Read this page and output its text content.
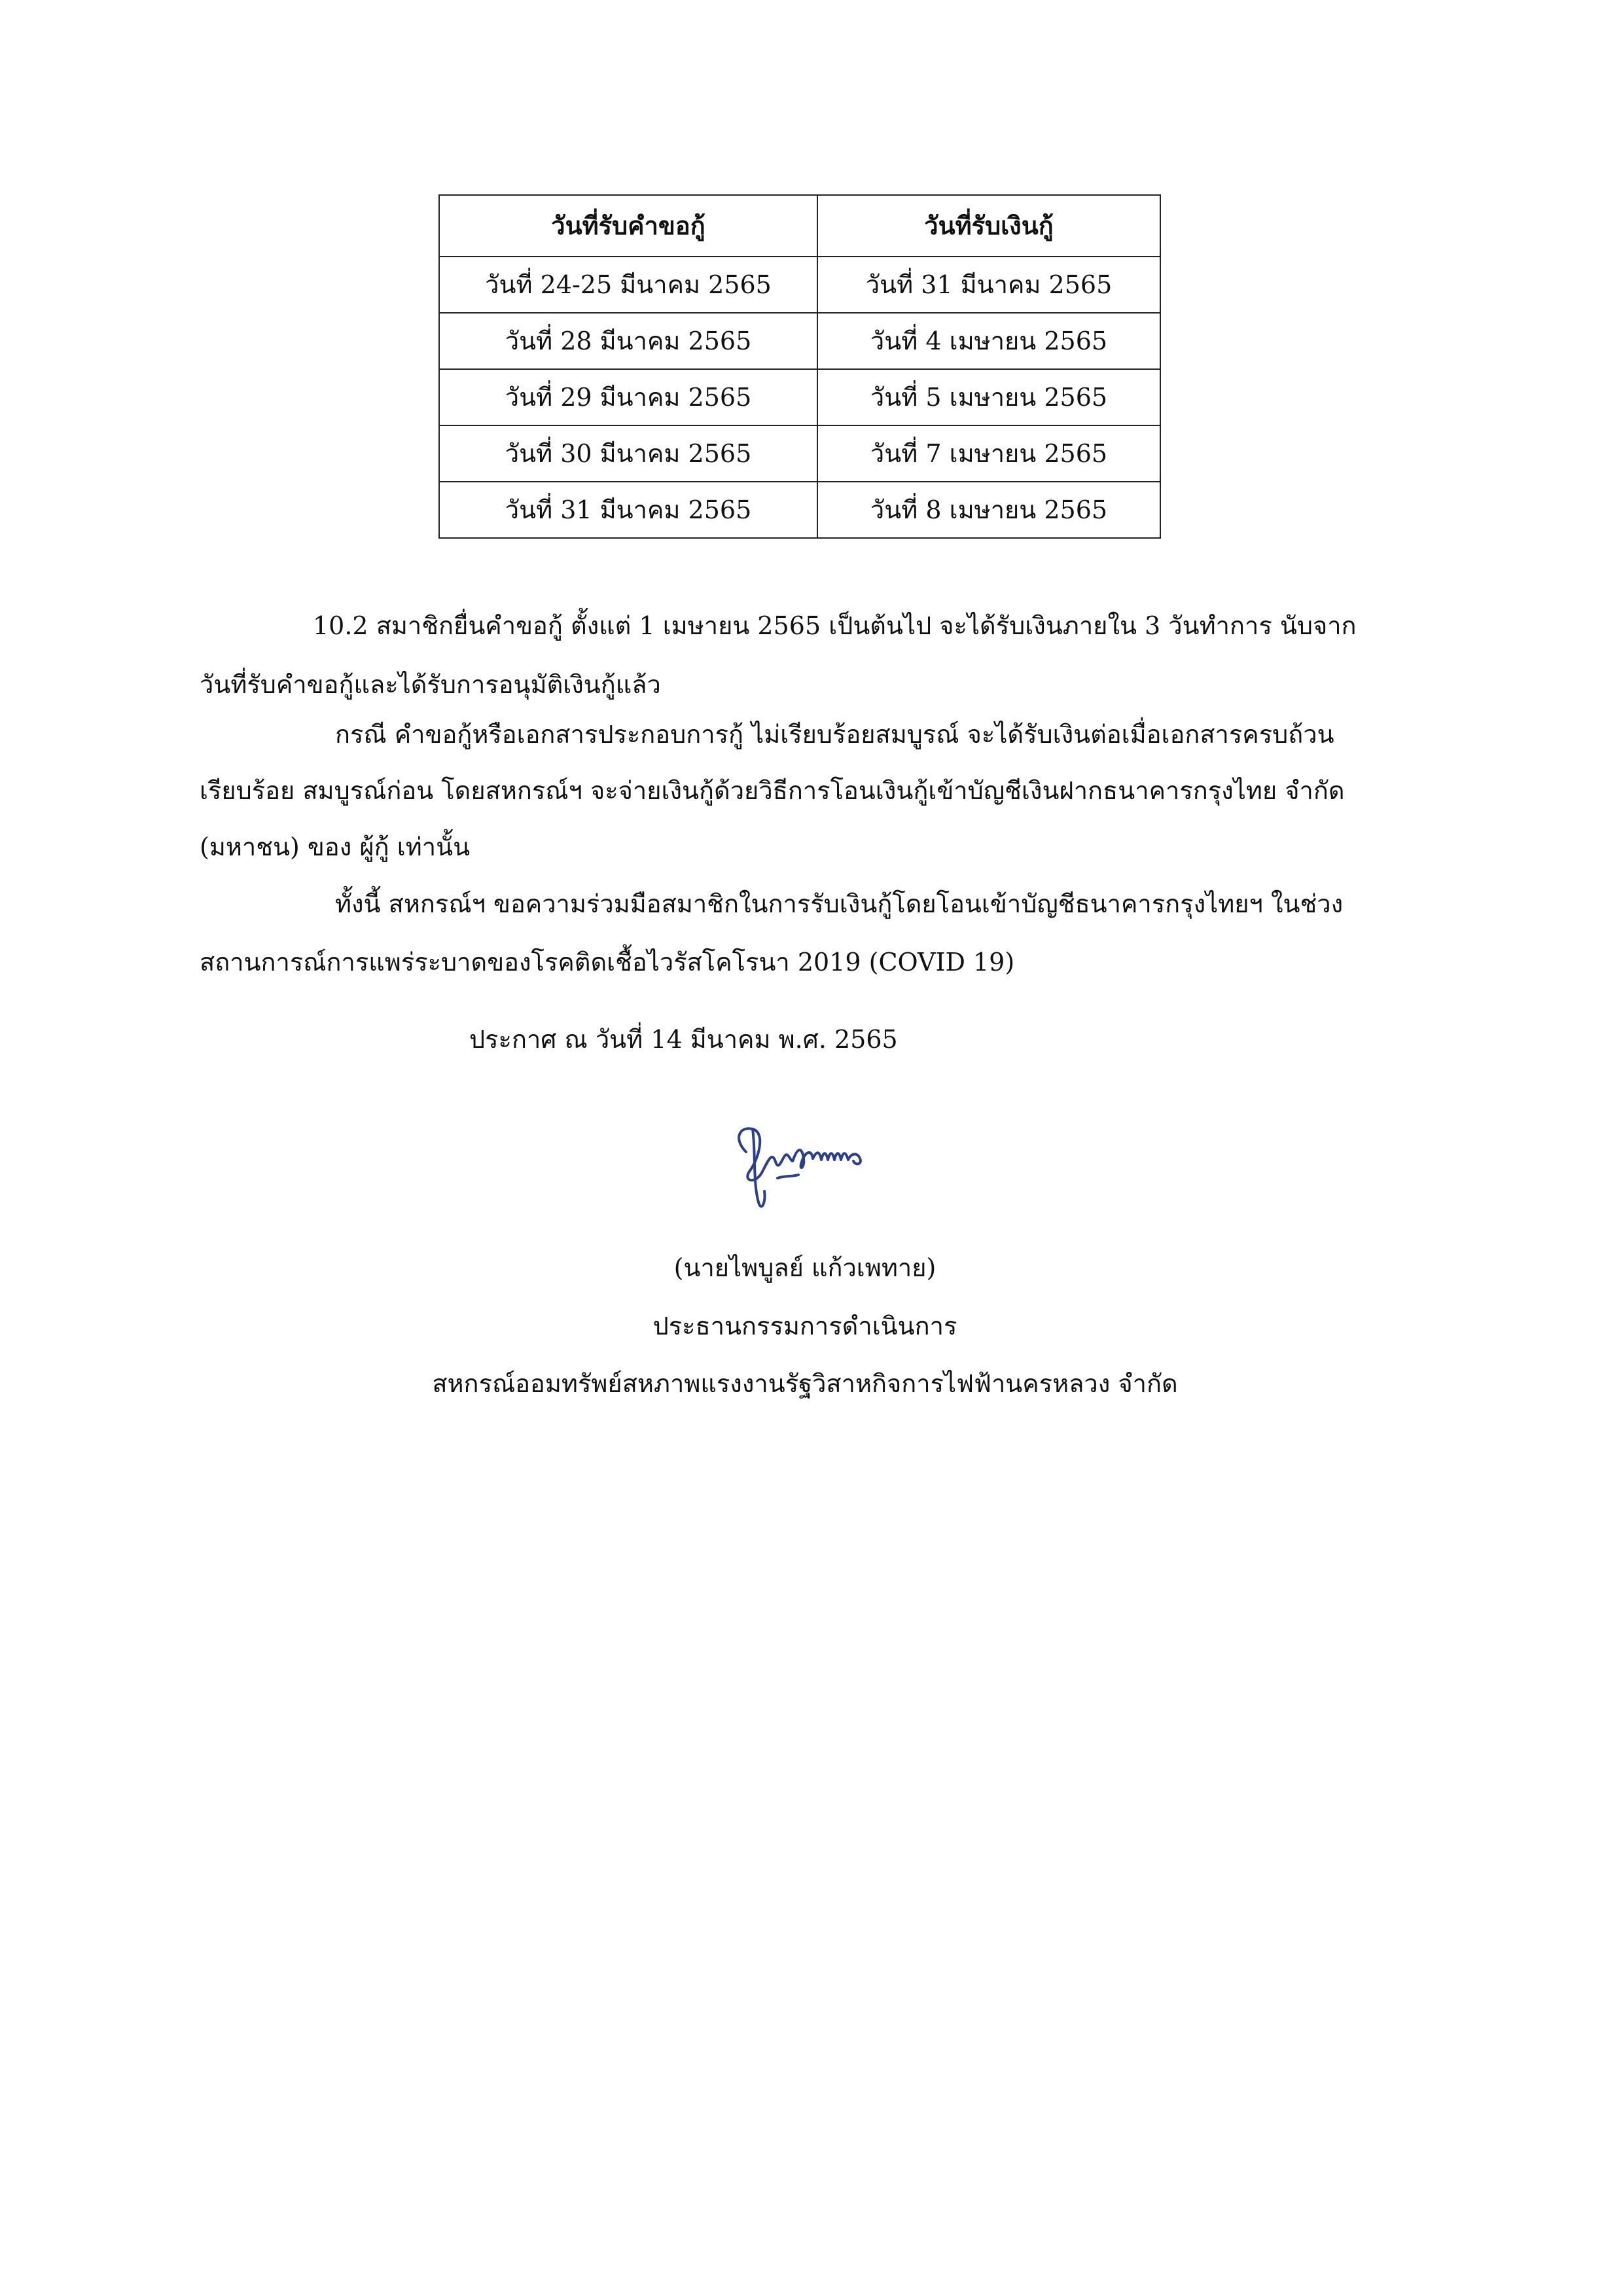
วันที่รับคำขอกู้	วันที่รับเงินกู้
วันที่ 24-25 มีนาคม 2565	วันที่ 31 มีนาคม 2565
วันที่ 28 มีนาคม 2565	วันที่ 4 เมษายน 2565
วันที่ 29 มีนาคม 2565	วันที่ 5 เมษายน 2565
วันที่ 30 มีนาคม 2565	วันที่ 7 เมษายน 2565
วันที่ 31 มีนาคม 2565	วันที่ 8 เมษายน 2565
10.2 สมาชิกยื่นคำขอกู้ ตั้งแต่ 1 เมษายน 2565 เป็นต้นไป จะได้รับเงินภายใน 3 วันทำการ นับจาก
วันที่รับคำขอกู้และได้รับการอนุมัติเงินกู้แล้ว
กรณี คำขอกู้หรือเอกสารประกอบการกู้ ไม่เรียบร้อยสมบูรณ์ จะได้รับเงินต่อเมื่อเอกสารครบถ้วน
เรียบร้อย สมบูรณ์ก่อน โดยสหกรณ์ฯ จะจ่ายเงินกู้ด้วยวิธีการโอนเงินกู้เข้าบัญชีเงินฝากธนาคารกรุงไทย จำกัด
(มหาชน) ของ ผู้กู้ เท่านั้น
ทั้งนี้ สหกรณ์ฯ ขอความร่วมมือสมาชิกในการรับเงินกู้โดยโอนเข้าบัญชีธนาคารกรุงไทยฯ ในช่วง
สถานการณ์การแพร่ระบาดของโรคติดเชื้อไวรัสโคโรนา 2019 (COVID 19)
ประกาศ ณ วันที่ 14 มีนาคม พ.ศ. 2565
(นายไพบูลย์ แก้วเพทาย)
ประธานกรรมการดำเนินการ
สหกรณ์ออมทรัพย์สหภาพแรงงานรัฐวิสาหกิจการไฟฟ้านครหลวง จำกัด
